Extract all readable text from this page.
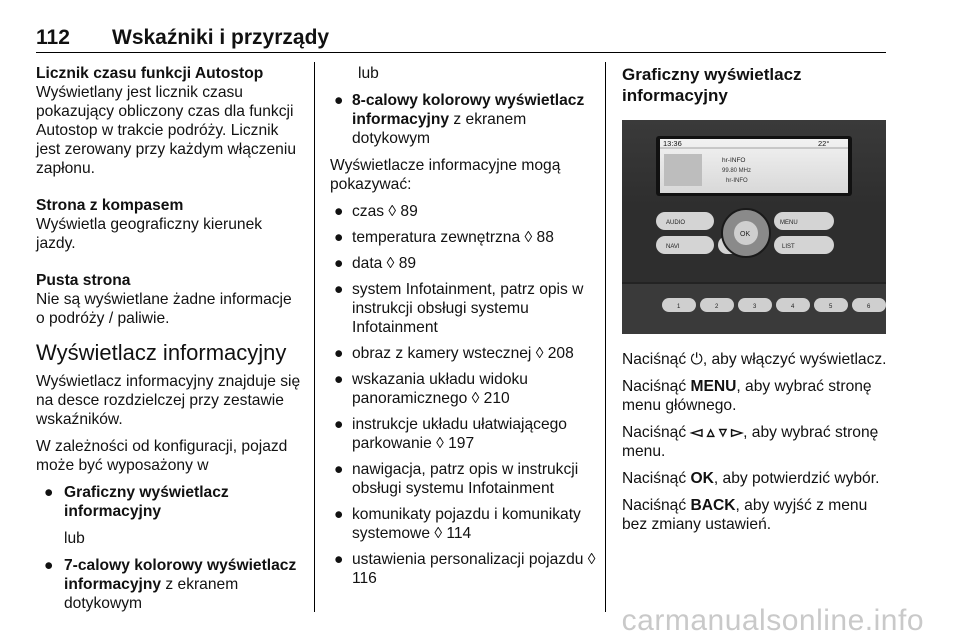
112 Wskaźniki i przyrządy
Licznik czasu funkcji Autostop

Wyświetlany jest licznik czasu pokazujący obliczony czas dla funkcji Autostop w trakcie podróży. Licznik jest zerowany przy każdym włączeniu zapłonu.

Strona z kompasem

Wyświetla geograficzny kierunek jazdy.

Pusta strona

Nie są wyświetlane żadne informacje o podróży / paliwie.

Wyświetlacz informacyjny

Wyświetlacz informacyjny znajduje się na desce rozdzielczej przy zestawie wskaźników.

W zależności od konfiguracji, pojazd może być wyposażony w

● Graficzny wyświetlacz informacyjny
lub
● 7-calowy kolorowy wyświetlacz informacyjny z ekranem dotykowym
lub
● 8-calowy kolorowy wyświetlacz informacyjny z ekranem dotykowym

Wyświetlacze informacyjne mogą pokazywać:

● czas ◊ 89
● temperatura zewnętrzna ◊ 88
● data ◊ 89
● system Infotainment, patrz opis w instrukcji obsługi systemu Infotainment
● obraz z kamery wstecznej ◊ 208
● wskazania układu widoku panoramicznego ◊ 210
● instrukcje układu ułatwiającego parkowanie ◊ 197
● nawigacja, patrz opis w instrukcji obsługi systemu Infotainment
● komunikaty pojazdu i komunikaty systemowe ◊ 114
● ustawienia personalizacji pojazdu ◊ 116
Graficzny wyświetlacz informacyjny
13:36	22°
hr-INFO
99.80 MHz
hr-INFO
AUDIO
NAVI
MENU
LIST
OK
1	2	3	4	5	6

Naciśnąć ⏻, aby włączyć wyświetlacz.

Naciśnąć MENU, aby wybrać stronę menu głównego.

Naciśnąć ◅ ▵ ▿ ▻, aby wybrać stronę menu.

Naciśnąć OK, aby potwierdzić wybór.

Naciśnąć BACK, aby wyjść z menu bez zmiany ustawień.

carmanualsonline.info
